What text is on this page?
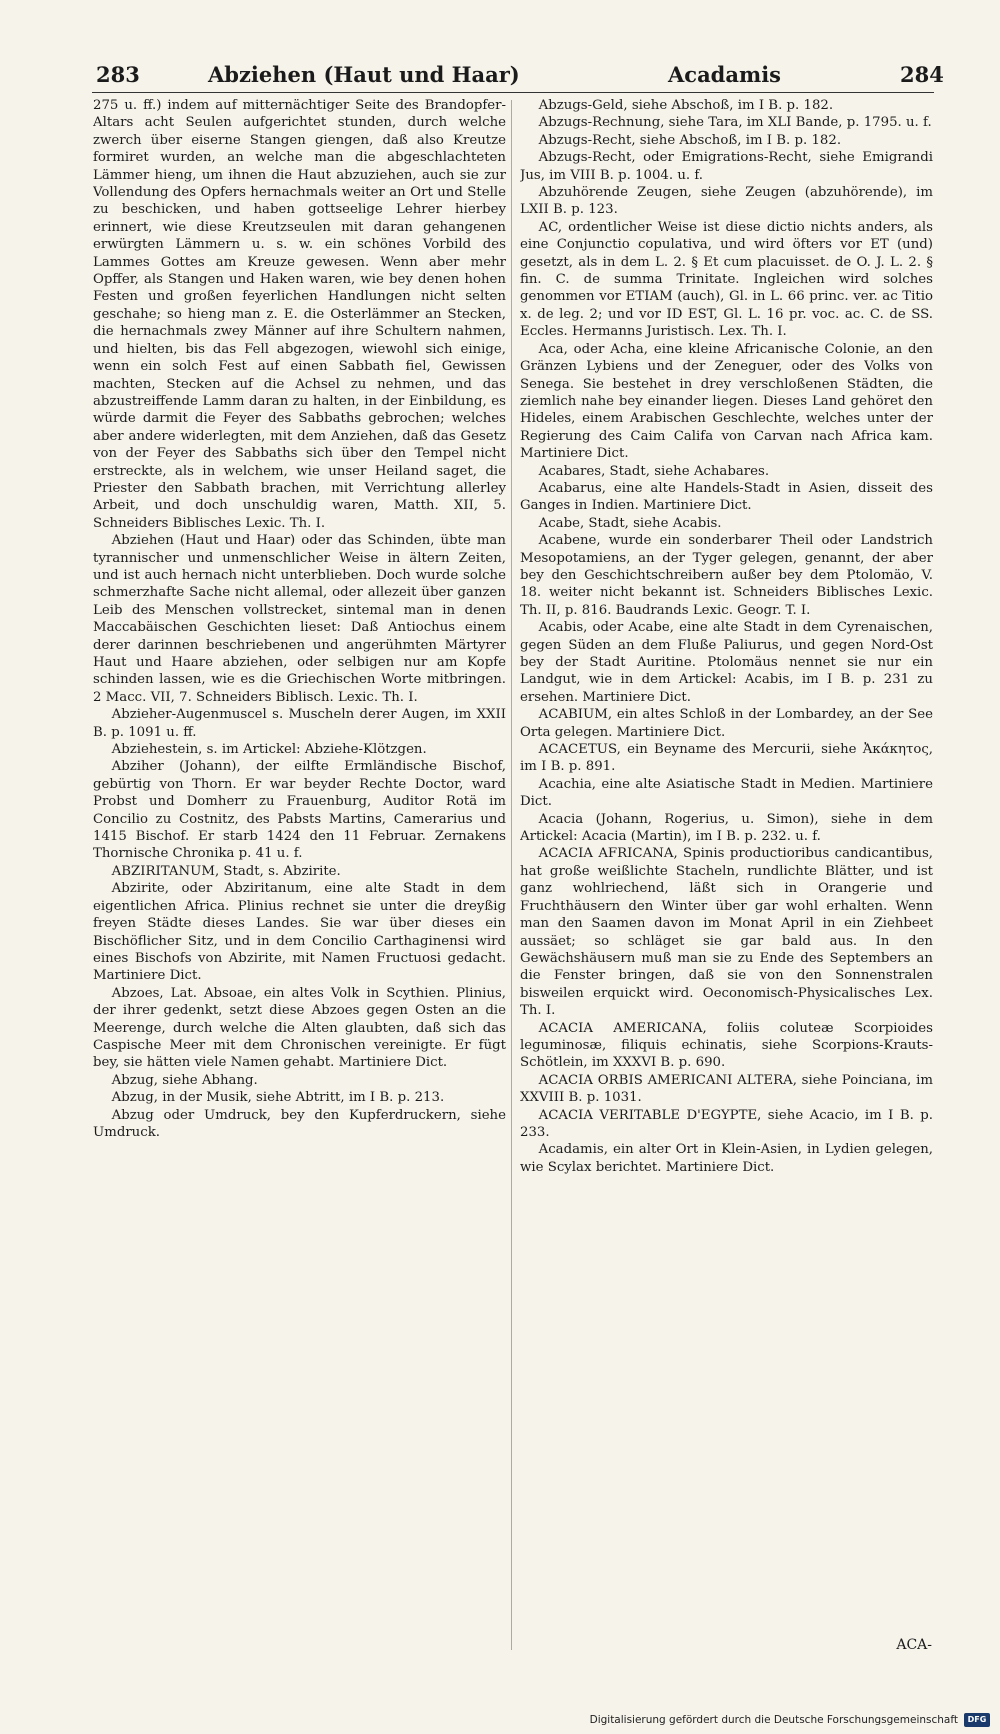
283	Abziehen (Haut und Haar)	Acadamis	284

275 u. ff.) indem auf mitternächtiger Seite des Brandopfer-Altars acht Seulen aufgerichtet stunden, durch welche zwerch über eiserne Stangen giengen, daß also Kreutze formiret wurden, an welche man die abgeschlachteten Lämmer hieng, um ihnen die Haut abzuziehen, auch sie zur Vollendung des Opfers hernachmals weiter an Ort und Stelle zu beschicken, und haben gottseelige Lehrer hierbey erinnert, wie diese Kreutzseulen mit daran gehangenen erwürgten Lämmern u. s. w. ein schönes Vorbild des Lammes Gottes am Kreuze gewesen. Wenn aber mehr Opffer, als Stangen und Haken waren, wie bey denen hohen Festen und großen feyerlichen Handlungen nicht selten geschahe; so hieng man z. E. die Osterlämmer an Stecken, die hernachmals zwey Männer auf ihre Schultern nahmen, und hielten, bis das Fell abgezogen, wiewohl sich einige, wenn ein solch Fest auf einen Sabbath fiel, Gewissen machten, Stecken auf die Achsel zu nehmen, und das abzustreiffende Lamm daran zu halten, in der Einbildung, es würde darmit die Feyer des Sabbaths gebrochen; welches aber andere widerlegten, mit dem Anziehen, daß das Gesetz von der Feyer des Sabbaths sich über den Tempel nicht erstreckte, als in welchem, wie unser Heiland saget, die Priester den Sabbath brachen, mit Verrichtung allerley Arbeit, und doch unschuldig waren, Matth. XII, 5. Schneiders Biblisches Lexic. Th. I.

Abziehen (Haut und Haar) oder das Schinden, übte man tyrannischer und unmenschlicher Weise in ältern Zeiten, und ist auch hernach nicht unterblieben. Doch wurde solche schmerzhafte Sache nicht allemal, oder allezeit über ganzen Leib des Menschen vollstrecket, sintemal man in denen Maccabäischen Geschichten lieset: Daß Antiochus einem derer darinnen beschriebenen und angerühmten Märtyrer Haut und Haare abziehen, oder selbigen nur am Kopfe schinden lassen, wie es die Griechischen Worte mitbringen. 2 Macc. VII, 7. Schneiders Biblisch. Lexic. Th. I.

Abzieher-Augenmuscel s. Muscheln derer Augen, im XXII B. p. 1091 u. ff.

Abziehestein, s. im Artickel: Abziehe-Klötzgen.

Abziher (Johann), der eilfte Ermländische Bischof, gebürtig von Thorn. Er war beyder Rechte Doctor, ward Probst und Domherr zu Frauenburg, Auditor Rotä im Concilio zu Costnitz, des Pabsts Martins, Camerarius und 1415 Bischof. Er starb 1424 den 11 Februar. Zernakens Thornische Chronika p. 41 u. f.

ABZIRITANUM, Stadt, s. Abzirite.

Abzirite, oder Abziritanum, eine alte Stadt in dem eigentlichen Africa. Plinius rechnet sie unter die dreyßig freyen Städte dieses Landes. Sie war über dieses ein Bischöflicher Sitz, und in dem Concilio Carthaginensi wird eines Bischofs von Abzirite, mit Namen Fructuosi gedacht. Martiniere Dict.

Abzoes, Lat. Absoae, ein altes Volk in Scythien. Plinius, der ihrer gedenkt, setzt diese Abzoes gegen Osten an die Meerenge, durch welche die Alten glaubten, daß sich das Caspische Meer mit dem Chronischen vereinigte. Er fügt bey, sie hätten viele Namen gehabt. Martiniere Dict.

Abzug, siehe Abhang.

Abzug, in der Musik, siehe Abtritt, im I B. p. 213.

Abzug oder Umdruck, bey den Kupferdruckern, siehe Umdruck.

Abzugs-Geld, siehe Abschoß, im I B. p. 182.

Abzugs-Rechnung, siehe Tara, im XLI Bande, p. 1795. u. f.

Abzugs-Recht, siehe Abschoß, im I B. p. 182.

Abzugs-Recht, oder Emigrations-Recht, siehe Emigrandi Jus, im VIII B. p. 1004. u. f.

Abzuhörende Zeugen, siehe Zeugen (abzuhörende), im LXII B. p. 123.

AC, ordentlicher Weise ist diese dictio nichts anders, als eine Conjunctio copulativa, und wird öfters vor ET (und) gesetzt, als in dem L. 2. § Et cum placuisset. de O. J. L. 2. § fin. C. de summa Trinitate. Ingleichen wird solches genommen vor ETIAM (auch), Gl. in L. 66 princ. ver. ac Titio x. de leg. 2; und vor ID EST, Gl. L. 16 pr. voc. ac. C. de SS. Eccles. Hermanns Juristisch. Lex. Th. I.

Aca, oder Acha, eine kleine Africanische Colonie, an den Gränzen Lybiens und der Zeneguer, oder des Volks von Senega. Sie bestehet in drey verschloßenen Städten, die ziemlich nahe bey einander liegen. Dieses Land gehöret den Hideles, einem Arabischen Geschlechte, welches unter der Regierung des Caim Califa von Carvan nach Africa kam. Martiniere Dict.

Acabares, Stadt, siehe Achabares.

Acabarus, eine alte Handels-Stadt in Asien, disseit des Ganges in Indien. Martiniere Dict.

Acabe, Stadt, siehe Acabis.

Acabene, wurde ein sonderbarer Theil oder Landstrich Mesopotamiens, an der Tyger gelegen, genannt, der aber bey den Geschichtschreibern außer bey dem Ptolomäo, V. 18. weiter nicht bekannt ist. Schneiders Biblisches Lexic. Th. II, p. 816. Baudrands Lexic. Geogr. T. I.

Acabis, oder Acabe, eine alte Stadt in dem Cyrenaischen, gegen Süden an dem Fluße Paliurus, und gegen Nord-Ost bey der Stadt Auritine. Ptolomäus nennet sie nur ein Landgut, wie in dem Artickel: Acabis, im I B. p. 231 zu ersehen. Martiniere Dict.

ACABIUM, ein altes Schloß in der Lombardey, an der See Orta gelegen. Martiniere Dict.

ACACETUS, ein Beyname des Mercurii, siehe Ἀκάκητος, im I B. p. 891.

Acachia, eine alte Asiatische Stadt in Medien. Martiniere Dict.

Acacia (Johann, Rogerius, u. Simon), siehe in dem Artickel: Acacia (Martin), im I B. p. 232. u. f.

ACACIA AFRICANA, Spinis productioribus candicantibus, hat große weißlichte Stacheln, rundlichte Blätter, und ist ganz wohlriechend, läßt sich in Orangerie und Fruchthäusern den Winter über gar wohl erhalten. Wenn man den Saamen davon im Monat April in ein Ziehbeet aussäet; so schläget sie gar bald aus. In den Gewächshäusern muß man sie zu Ende des Septembers an die Fenster bringen, daß sie von den Sonnenstralen bisweilen erquickt wird. Oeconomisch-Physicalisches Lex. Th. I.

ACACIA AMERICANA, foliis coluteæ Scorpioides leguminosæ, filiquis echinatis, siehe Scorpions-Krauts-Schötlein, im XXXVI B. p. 690.

ACACIA ORBIS AMERICANI ALTERA, siehe Poinciana, im XXVIII B. p. 1031.

ACACIA VERITABLE D'EGYPTE, siehe Acacio, im I B. p. 233.

Acadamis, ein alter Ort in Klein-Asien, in Lydien gelegen, wie Scylax berichtet. Martiniere Dict.

ACA-
Digitalisierung gefördert durch die Deutsche Forschungsgemeinschaft	DFG
